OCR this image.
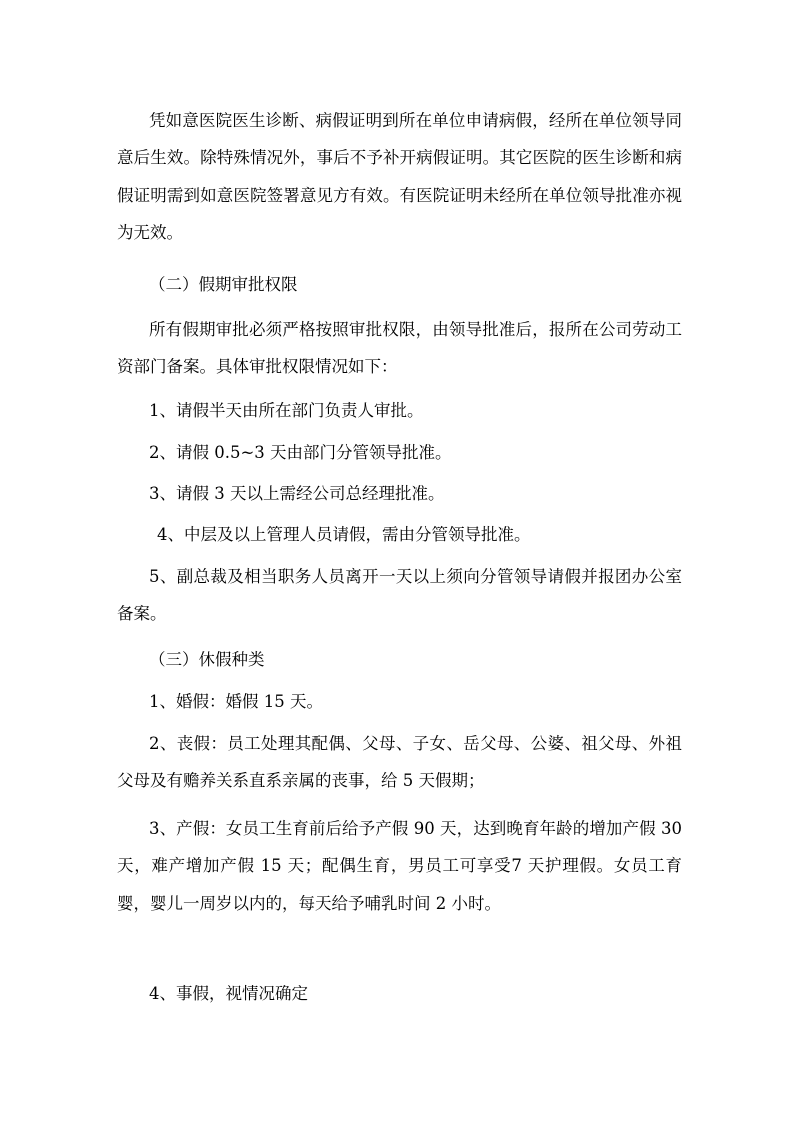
凭如意医院医生诊断、病假证明到所在单位申请病假，经所在单位领导同意后生效。除特殊情况外，事后不予补开病假证明。其它医院的医生诊断和病假证明需到如意医院签署意见方有效。有医院证明未经所在单位领导批准亦视为无效。

（二）假期审批权限

所有假期审批必须严格按照审批权限，由领导批准后，报所在公司劳动工资部门备案。具体审批权限情况如下：

1、请假半天由所在部门负责人审批。

2、请假 0.5~3 天由部门分管领导批准。

3、请假 3 天以上需经公司总经理批准。

4、中层及以上管理人员请假，需由分管领导批准。

5、副总裁及相当职务人员离开一天以上须向分管领导请假并报团办公室备案。

（三）休假种类

1、婚假：婚假 15 天。

2、丧假：员工处理其配偶、父母、子女、岳父母、公婆、祖父母、外祖父母及有赡养关系直系亲属的丧事，给 5 天假期；

3、产假：女员工生育前后给予产假 90 天，达到晚育年龄的增加产假 30 天，难产增加产假 15 天；配偶生育，男员工可享受7 天护理假。女员工育婴，婴儿一周岁以内的，每天给予哺乳时间 2 小时。

4、事假，视情况确定
